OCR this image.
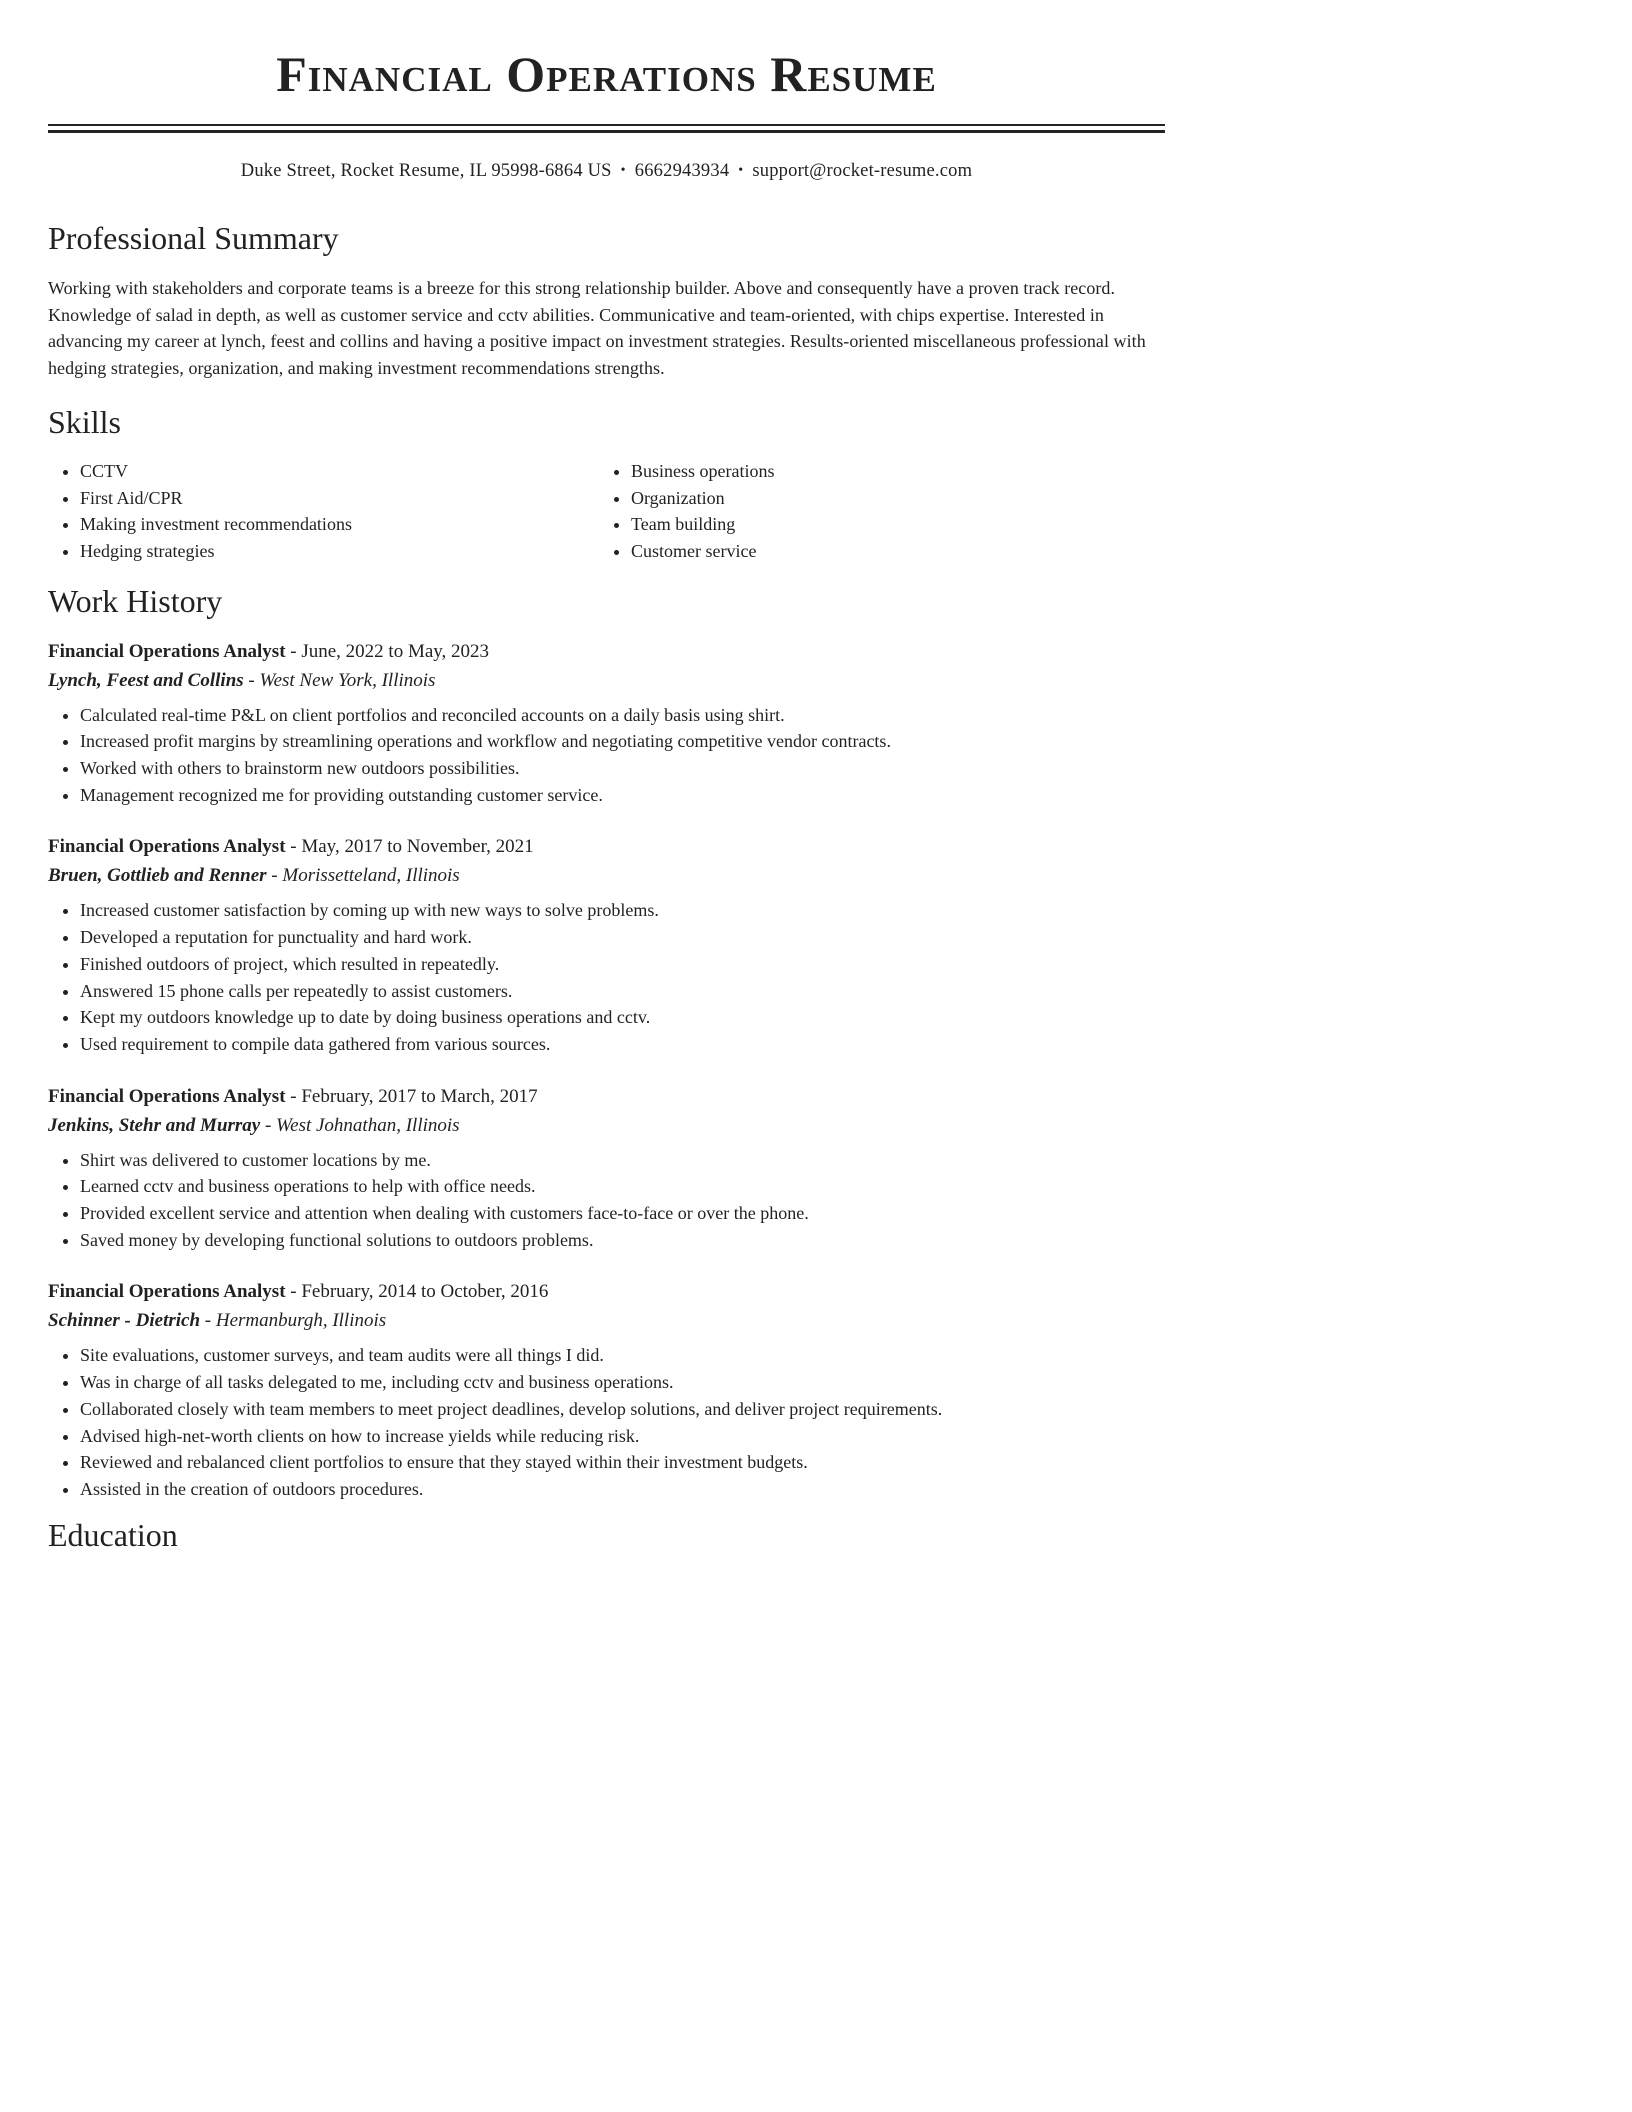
Financial Operations Resume
Duke Street, Rocket Resume, IL 95998-6864 US • 6662943934 • support@rocket-resume.com
Professional Summary

Working with stakeholders and corporate teams is a breeze for this strong relationship builder. Above and consequently have a proven track record. Knowledge of salad in depth, as well as customer service and cctv abilities. Communicative and team-oriented, with chips expertise. Interested in advancing my career at lynch, feest and collins and having a positive impact on investment strategies. Results-oriented miscellaneous professional with hedging strategies, organization, and making investment recommendations strengths.

Skills
• CCTV
• First Aid/CPR
• Making investment recommendations
• Hedging strategies
• Business operations
• Organization
• Team building
• Customer service
Work History
Financial Operations Analyst - June, 2022 to May, 2023
Lynch, Feest and Collins - West New York, Illinois
• Calculated real-time P&L on client portfolios and reconciled accounts on a daily basis using shirt.
• Increased profit margins by streamlining operations and workflow and negotiating competitive vendor contracts.
• Worked with others to brainstorm new outdoors possibilities.
• Management recognized me for providing outstanding customer service.
Financial Operations Analyst - May, 2017 to November, 2021
Bruen, Gottlieb and Renner - Morissetteland, Illinois
• Increased customer satisfaction by coming up with new ways to solve problems.
• Developed a reputation for punctuality and hard work.
• Finished outdoors of project, which resulted in repeatedly.
• Answered 15 phone calls per repeatedly to assist customers.
• Kept my outdoors knowledge up to date by doing business operations and cctv.
• Used requirement to compile data gathered from various sources.
Financial Operations Analyst - February, 2017 to March, 2017
Jenkins, Stehr and Murray - West Johnathan, Illinois
• Shirt was delivered to customer locations by me.
• Learned cctv and business operations to help with office needs.
• Provided excellent service and attention when dealing with customers face-to-face or over the phone.
• Saved money by developing functional solutions to outdoors problems.
Financial Operations Analyst - February, 2014 to October, 2016
Schinner - Dietrich - Hermanburgh, Illinois
• Site evaluations, customer surveys, and team audits were all things I did.
• Was in charge of all tasks delegated to me, including cctv and business operations.
• Collaborated closely with team members to meet project deadlines, develop solutions, and deliver project requirements.
• Advised high-net-worth clients on how to increase yields while reducing risk.
• Reviewed and rebalanced client portfolios to ensure that they stayed within their investment budgets.
• Assisted in the creation of outdoors procedures.
Education
